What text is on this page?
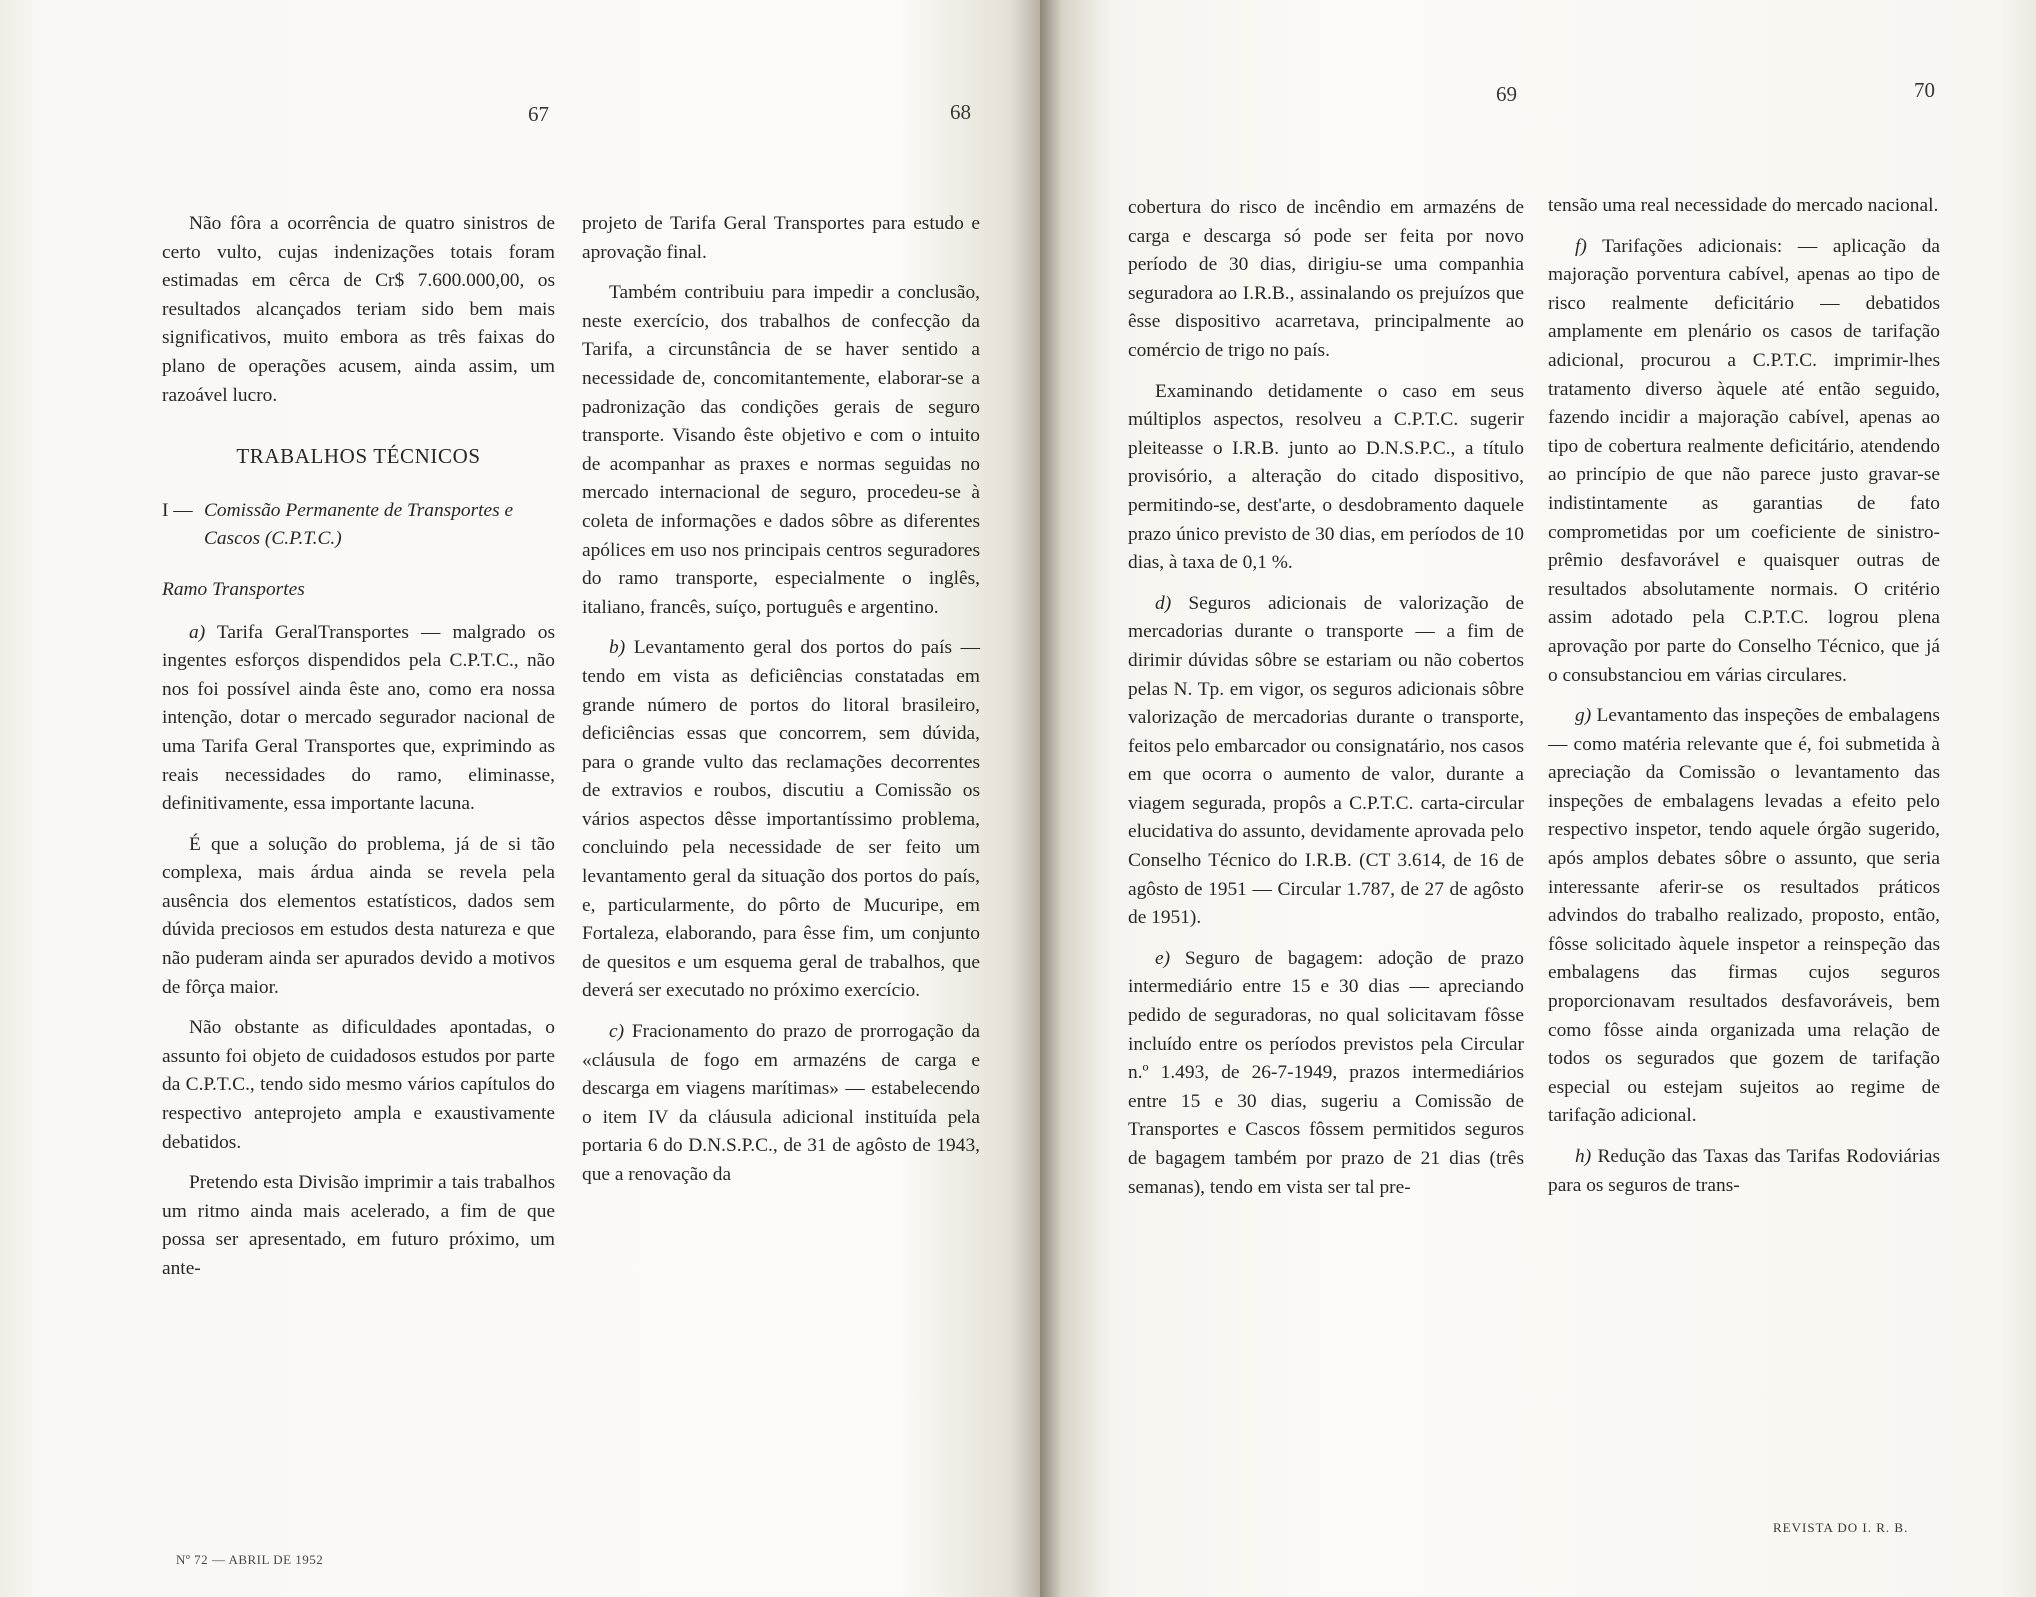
67	68

Não fôra a ocorrência de quatro sinistros de certo vulto, cujas indenizações totais foram estimadas em cêrca de Cr$ 7.600.000,00, os resultados alcançados teriam sido bem mais significativos, muito embora as três faixas do plano de operações acusem, ainda assim, um razoável lucro.

TRABALHOS TÉCNICOS
I — Comissão Permanente de Transportes e Cascos (C.P.T.C.)
Ramo Transportes

a) Tarifa GeralTransportes — malgrado os ingentes esforços dispendidos pela C.P.T.C., não nos foi possível ainda êste ano, como era nossa intenção, dotar o mercado segurador nacional de uma Tarifa Geral Transportes que, exprimindo as reais necessidades do ramo, eliminasse, definitivamente, essa importante lacuna.

É que a solução do problema, já de si tão complexa, mais árdua ainda se revela pela ausência dos elementos estatísticos, dados sem dúvida preciosos em estudos desta natureza e que não puderam ainda ser apurados devido a motivos de fôrça maior.

Não obstante as dificuldades apontadas, o assunto foi objeto de cuidadosos estudos por parte da C.P.T.C., tendo sido mesmo vários capítulos do respectivo anteprojeto ampla e exaustivamente debatidos.

Pretendo esta Divisão imprimir a tais trabalhos um ritmo ainda mais acelerado, a fim de que possa ser apresentado, em futuro próximo, um ante-

projeto de Tarifa Geral Transportes para estudo e aprovação final.

Também contribuiu para impedir a conclusão, neste exercício, dos trabalhos de confecção da Tarifa, a circunstância de se haver sentido a necessidade de, concomitantemente, elaborar-se a padronização das condições gerais de seguro transporte. Visando êste objetivo e com o intuito de acompanhar as praxes e normas seguidas no mercado internacional de seguro, procedeu-se à coleta de informações e dados sôbre as diferentes apólices em uso nos principais centros seguradores do ramo transporte, especialmente o inglês, italiano, francês, suíço, português e argentino.

b) Levantamento geral dos portos do país — tendo em vista as deficiências constatadas em grande número de portos do litoral brasileiro, deficiências essas que concorrem, sem dúvida, para o grande vulto das reclamações decorrentes de extravios e roubos, discutiu a Comissão os vários aspectos dêsse importantíssimo problema, concluindo pela necessidade de ser feito um levantamento geral da situação dos portos do país, e, particularmente, do pôrto de Mucuripe, em Fortaleza, elaborando, para êsse fim, um conjunto de quesitos e um esquema geral de trabalhos, que deverá ser executado no próximo exercício.

c) Fracionamento do prazo de prorrogação da «cláusula de fogo em armazéns de carga e descarga em viagens marítimas» — estabelecendo o item IV da cláusula adicional instituída pela portaria 6 do D.N.S.P.C., de 31 de agôsto de 1943, que a renovação da

Nº 72 — ABRIL DE 1952
69	70

cobertura do risco de incêndio em armazéns de carga e descarga só pode ser feita por novo período de 30 dias, dirigiu-se uma companhia seguradora ao I.R.B., assinalando os prejuízos que êsse dispositivo acarretava, principalmente ao comércio de trigo no país.

Examinando detidamente o caso em seus múltiplos aspectos, resolveu a C.P.T.C. sugerir pleiteasse o I.R.B. junto ao D.N.S.P.C., a título provisório, a alteração do citado dispositivo, permitindo-se, dest'arte, o desdobramento daquele prazo único previsto de 30 dias, em períodos de 10 dias, à taxa de 0,1 %.

d) Seguros adicionais de valorização de mercadorias durante o transporte — a fim de dirimir dúvidas sôbre se estariam ou não cobertos pelas N. Tp. em vigor, os seguros adicionais sôbre valorização de mercadorias durante o transporte, feitos pelo embarcador ou consignatário, nos casos em que ocorra o aumento de valor, durante a viagem segurada, propôs a C.P.T.C. carta-circular elucidativa do assunto, devidamente aprovada pelo Conselho Técnico do I.R.B. (CT 3.614, de 16 de agôsto de 1951 — Circular 1.787, de 27 de agôsto de 1951).

e) Seguro de bagagem: adoção de prazo intermediário entre 15 e 30 dias — apreciando pedido de seguradoras, no qual solicitavam fôsse incluído entre os períodos previstos pela Circular n.º 1.493, de 26-7-1949, prazos intermediários entre 15 e 30 dias, sugeriu a Comissão de Transportes e Cascos fôssem permitidos seguros de bagagem também por prazo de 21 dias (três semanas), tendo em vista ser tal pre-

tensão uma real necessidade do mercado nacional.

f) Tarifações adicionais: — aplicação da majoração porventura cabível, apenas ao tipo de risco realmente deficitário — debatidos amplamente em plenário os casos de tarifação adicional, procurou a C.P.T.C. imprimir-lhes tratamento diverso àquele até então seguido, fazendo incidir a majoração cabível, apenas ao tipo de cobertura realmente deficitário, atendendo ao princípio de que não parece justo gravar-se indistintamente as garantias de fato comprometidas por um coeficiente de sinistro-prêmio desfavorável e quaisquer outras de resultados absolutamente normais. O critério assim adotado pela C.P.T.C. logrou plena aprovação por parte do Conselho Técnico, que já o consubstanciou em várias circulares.

g) Levantamento das inspeções de embalagens — como matéria relevante que é, foi submetida à apreciação da Comissão o levantamento das inspeções de embalagens levadas a efeito pelo respectivo inspetor, tendo aquele órgão sugerido, após amplos debates sôbre o assunto, que seria interessante aferir-se os resultados práticos advindos do trabalho realizado, proposto, então, fôsse solicitado àquele inspetor a reinspeção das embalagens das firmas cujos seguros proporcionavam resultados desfavoráveis, bem como fôsse ainda organizada uma relação de todos os segurados que gozem de tarifação especial ou estejam sujeitos ao regime de tarifação adicional.

h) Redução das Taxas das Tarifas Rodoviárias para os seguros de trans-

REVISTA DO I. R. B.
